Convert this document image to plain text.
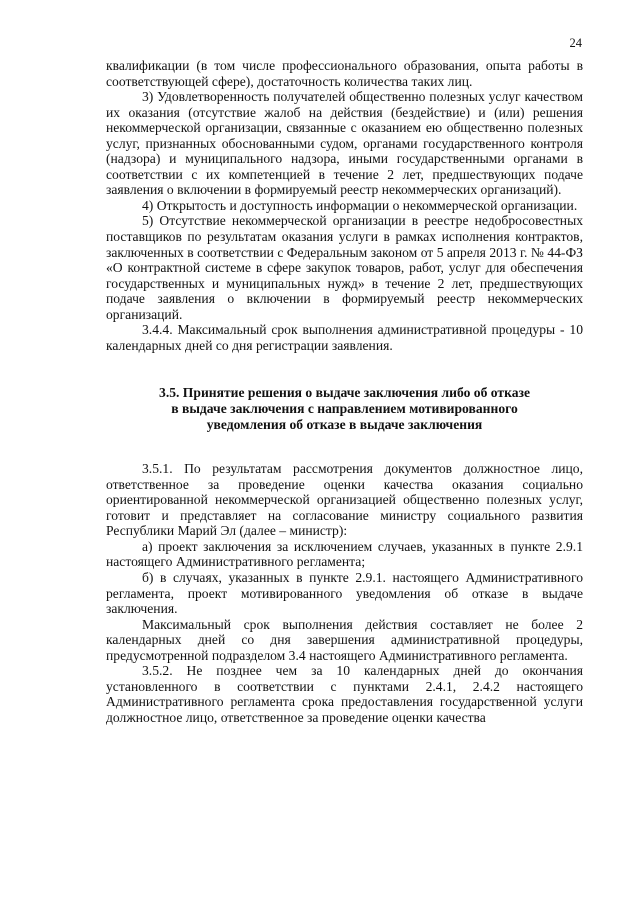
24

квалификации (в том числе профессионального образования, опыта работы в соответствующей сфере), достаточность количества таких лиц.

3) Удовлетворенность получателей общественно полезных услуг качеством их оказания (отсутствие жалоб на действия (бездействие) и (или) решения некоммерческой организации, связанные с оказанием ею общественно полезных услуг, признанных обоснованными судом, органами государственного контроля (надзора) и муниципального надзора, иными государственными органами в соответствии с их компетенцией в течение 2 лет, предшествующих подаче заявления о включении в формируемый реестр некоммерческих организаций).

4) Открытость и доступность информации о некоммерческой организации.

5) Отсутствие некоммерческой организации в реестре недобросовестных поставщиков по результатам оказания услуги в рамках исполнения контрактов, заключенных в соответствии с Федеральным законом от 5 апреля 2013 г. № 44-ФЗ «О контрактной системе в сфере закупок товаров, работ, услуг для обеспечения государственных и муниципальных нужд» в течение 2 лет, предшествующих подаче заявления о включении в формируемый реестр некоммерческих организаций.

3.4.4. Максимальный срок выполнения административной процедуры - 10 календарных дней со дня регистрации заявления.

3.5. Принятие решения о выдаче заключения либо об отказе
в выдаче заключения с направлением мотивированного
уведомления об отказе в выдаче заключения

3.5.1. По результатам рассмотрения документов должностное лицо, ответственное за проведение оценки качества оказания социально ориентированной некоммерческой организацией общественно полезных услуг, готовит и представляет на согласование министру социального развития Республики Марий Эл (далее – министр):

а) проект заключения за исключением случаев, указанных в пункте 2.9.1 настоящего Административного регламента;

б) в случаях, указанных в пункте 2.9.1. настоящего Административного регламента, проект мотивированного уведомления об отказе в выдаче заключения.

Максимальный срок выполнения действия составляет не более 2 календарных дней со дня завершения административной процедуры, предусмотренной подразделом 3.4 настоящего Административного регламента.

3.5.2. Не позднее чем за 10 календарных дней до окончания установленного в соответствии с пунктами 2.4.1, 2.4.2 настоящего Административного регламента срока предоставления государственной услуги должностное лицо, ответственное за проведение оценки качества
